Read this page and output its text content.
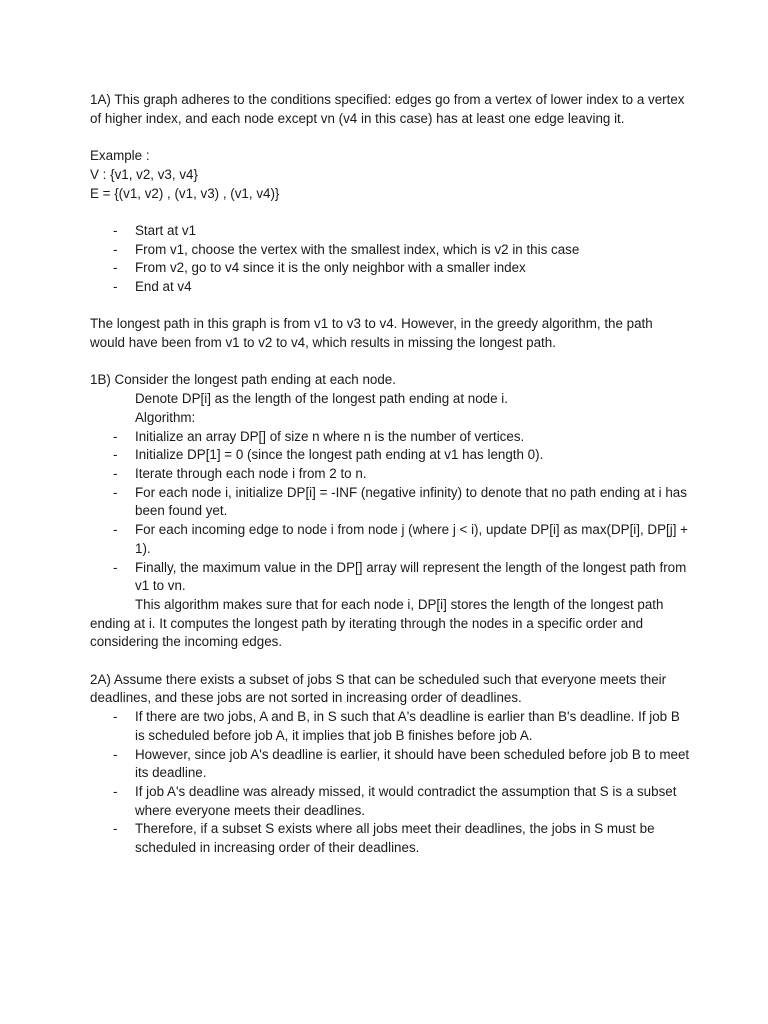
1A) This graph adheres to the conditions specified: edges go from a vertex of lower index to a vertex of higher index, and each node except vn (v4 in this case) has at least one edge leaving it.

Example :

V : {v1, v2, v3, v4}

E = {(v1, v2) , (v1, v3) , (v1, v4)}

- Start at v1
- From v1, choose the vertex with the smallest index, which is v2 in this case
- From v2, go to v4 since it is the only neighbor with a smaller index
- End at v4

The longest path in this graph is from v1 to v3 to v4. However, in the greedy algorithm, the path would have been from v1 to v2 to v4, which results in missing the longest path.

1B) Consider the longest path ending at each node.

Denote DP[i] as the length of the longest path ending at node i.

Algorithm:

- Initialize an array DP[] of size n where n is the number of vertices.
- Initialize DP[1] = 0 (since the longest path ending at v1 has length 0).
- Iterate through each node i from 2 to n.
- For each node i, initialize DP[i] = -INF (negative infinity) to denote that no path ending at i has been found yet.
- For each incoming edge to node i from node j (where j < i), update DP[i] as max(DP[i], DP[j] + 1).
- Finally, the maximum value in the DP[] array will represent the length of the longest path from v1 to vn.

This algorithm makes sure that for each node i, DP[i] stores the length of the longest path ending at i. It computes the longest path by iterating through the nodes in a specific order and considering the incoming edges.

2A) Assume there exists a subset of jobs S that can be scheduled such that everyone meets their deadlines, and these jobs are not sorted in increasing order of deadlines.

- If there are two jobs, A and B, in S such that A's deadline is earlier than B's deadline. If job B is scheduled before job A, it implies that job B finishes before job A.
- However, since job A's deadline is earlier, it should have been scheduled before job B to meet its deadline.
- If job A's deadline was already missed, it would contradict the assumption that S is a subset where everyone meets their deadlines.
- Therefore, if a subset S exists where all jobs meet their deadlines, the jobs in S must be scheduled in increasing order of their deadlines.
